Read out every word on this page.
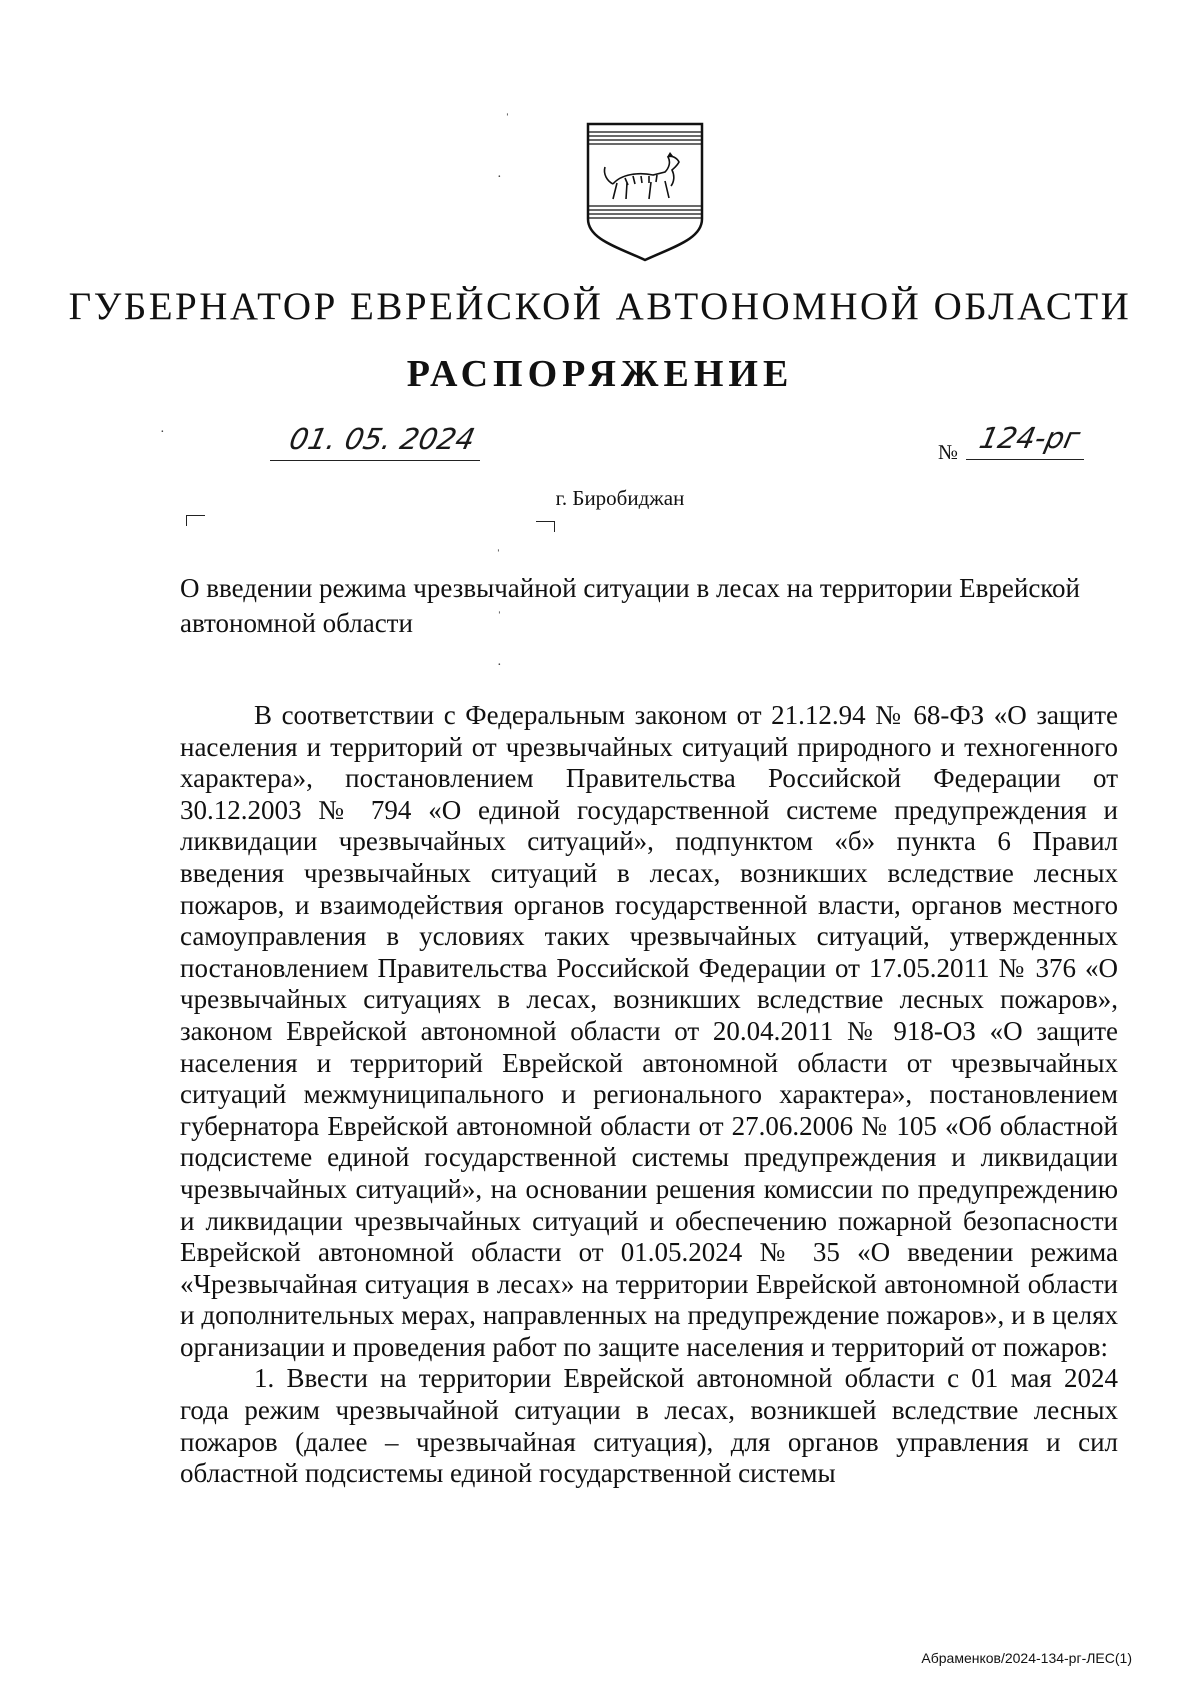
ГУБЕРНАТОР ЕВРЕЙСКОЙ АВТОНОМНОЙ ОБЛАСТИ
РАСПОРЯЖЕНИЕ
01. 05. 2024	№ 124-рг
г. Биробиджан
ˈ
·
·
ˈ
ˈ
·
О введении режима чрезвычайной ситуации в лесах на территории Еврейской автономной области

В соответствии с Федеральным законом от 21.12.94 № 68-ФЗ «О защите населения и территорий от чрезвычайных ситуаций природного и техногенного характера», постановлением Правительства Российской Федерации от 30.12.2003 № 794 «О единой государственной системе предупреждения и ликвидации чрезвычайных ситуаций», подпунктом «б» пункта 6 Правил введения чрезвычайных ситуаций в лесах, возникших вследствие лесных пожаров, и взаимодействия органов государственной власти, органов местного самоуправления в условиях таких чрезвычайных ситуаций, утвержденных постановлением Правительства Российской Федерации от 17.05.2011 № 376 «О чрезвычайных ситуациях в лесах, возникших вследствие лесных пожаров», законом Еврейской автономной области от 20.04.2011 № 918-ОЗ «О защите населения и территорий Еврейской автономной области от чрезвычайных ситуаций межмуниципального и регионального характера», постановлением губернатора Еврейской автономной области от 27.06.2006 № 105 «Об областной подсистеме единой государственной системы предупреждения и ликвидации чрезвычайных ситуаций», на основании решения комиссии по предупреждению и ликвидации чрезвычайных ситуаций и обеспечению пожарной безопасности Еврейской автономной области от 01.05.2024 № 35 «О введении режима «Чрезвычайная ситуация в лесах» на территории Еврейской автономной области и дополнительных мерах, направленных на предупреждение пожаров», и в целях организации и проведения работ по защите населения и территорий от пожаров:

1. Ввести на территории Еврейской автономной области с 01 мая 2024 года режим чрезвычайной ситуации в лесах, возникшей вследствие лесных пожаров (далее – чрезвычайная ситуация), для органов управления и сил областной подсистемы единой государственной системы

Абраменков/2024-134-рг-ЛЕС(1)
